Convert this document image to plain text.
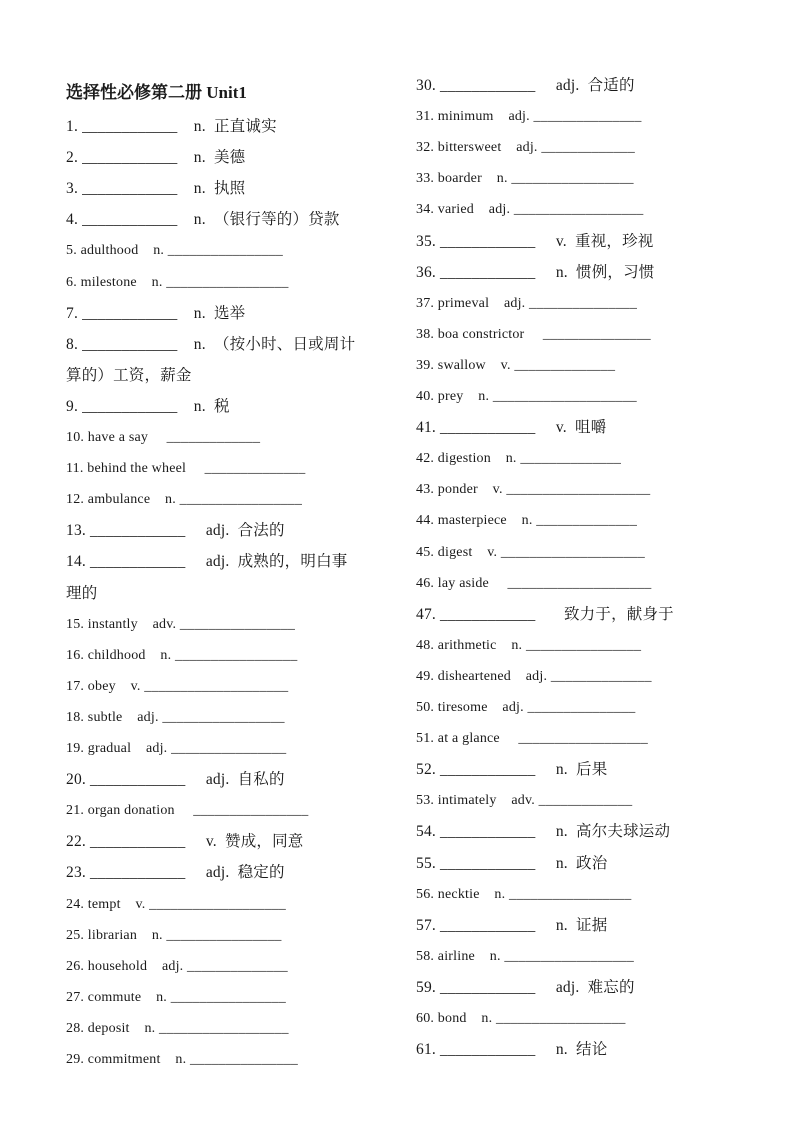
选择性必修第二册 Unit1
1. ____________    n.  正直诚实
2. ____________    n.  美德
3. ____________    n.  执照
4. ____________    n.  （银行等的）贷款
5. adulthood    n. ________________
6. milestone    n. _________________
7. ____________    n.  选举
8. ____________    n.  （按小时、日或周计
算的）工资，薪金
9. ____________    n.  税
10. have a say     _____________
11. behind the wheel     ______________
12. ambulance    n. _________________
13. ____________     adj.  合法的
14. ____________     adj.  成熟的，明白事
理的
15. instantly    adv. ________________
16. childhood    n. _________________
17. obey    v. ____________________
18. subtle    adj. _________________
19. gradual    adj. ________________
20. ____________     adj.  自私的
21. organ donation     ________________
22. ____________     v.  赞成，同意
23. ____________     adj.  稳定的
24. tempt    v. ___________________
25. librarian    n. ________________
26. household    adj. ______________
27. commute    n. ________________
28. deposit    n. __________________
29. commitment    n. _______________
30. ____________     adj.  合适的
31. minimum    adj. _______________
32. bittersweet    adj. _____________
33. boarder    n. _________________
34. varied    adj. __________________
35. ____________     v.  重视，珍视
36. ____________     n.  惯例，习惯
37. primeval    adj. _______________
38. boa constrictor     _______________
39. swallow    v. ______________
40. prey    n. ____________________
41. ____________     v.  咀嚼
42. digestion    n. ______________
43. ponder    v. ____________________
44. masterpiece    n. ______________
45. digest    v. ____________________
46. lay aside     ____________________
47. ____________       致力于，献身于
48. arithmetic    n. ________________
49. disheartened    adj. ______________
50. tiresome    adj. _______________
51. at a glance     __________________
52. ____________     n.  后果
53. intimately    adv. _____________
54. ____________     n.  高尔夫球运动
55. ____________     n.  政治
56. necktie    n. _________________
57. ____________     n.  证据
58. airline    n. __________________
59. ____________     adj.  难忘的
60. bond    n. __________________
61. ____________     n.  结论
